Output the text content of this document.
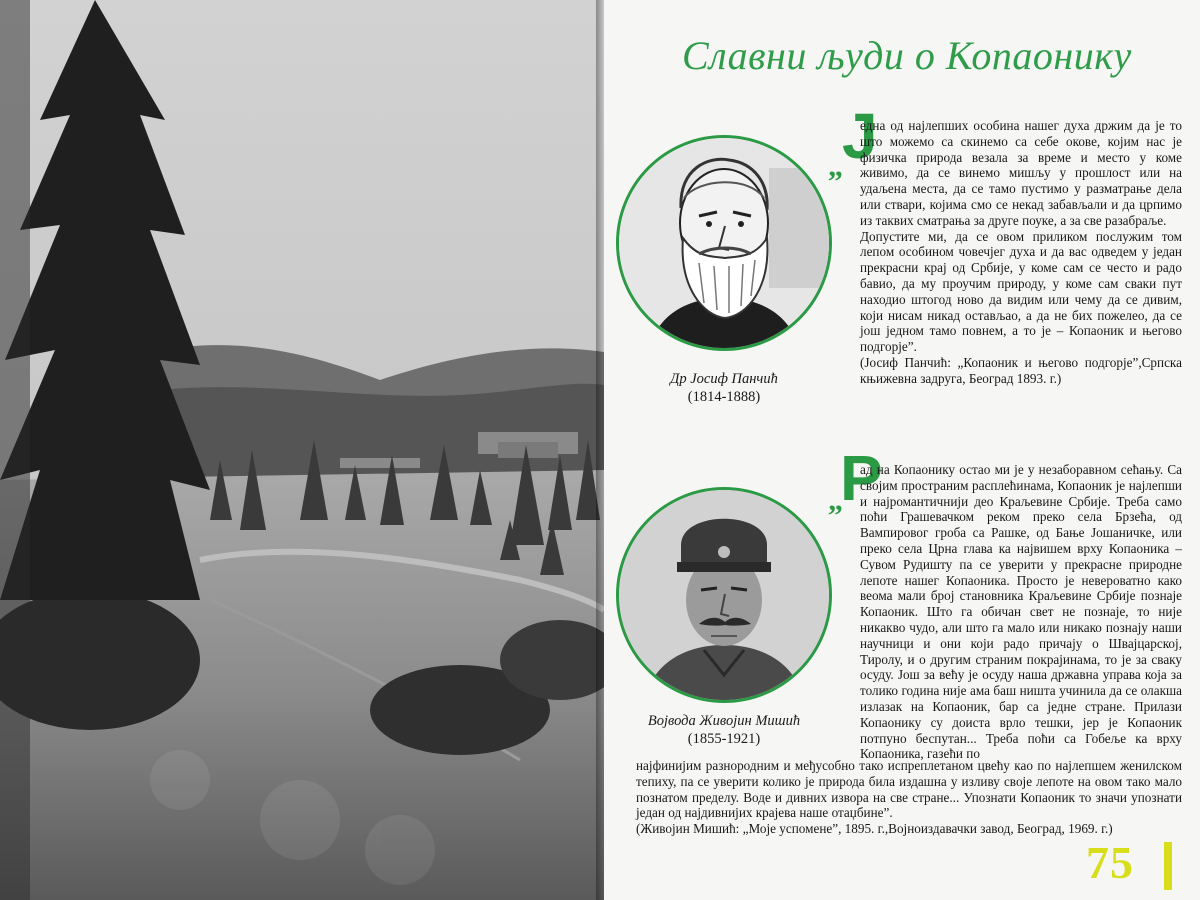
Славни људи о Копаонику
Др Јосиф Панчић
(1814-1888)
„ Ј

една од најлепших особина нашег духа држим да је то што можемо са скинемо са себе окове, којим нас је физичка природа везала за време и место у коме живимо, да се винемо мишљу у прошлост или на удаљена места, да се тамо пустимо у разматрање дела или ствари, којима смо се некад забављали и да црпимо из таквих сматрања за друге поуке, а за све разабраље.
Допустите ми, да се овом приликом послужим том лепом особином човечјег духа и да вас одведем у један прекрасни крај од Србије, у коме сам се често и радо бавио, да му проучим природу, у коме сам сваки пут находио штогод ново да видим или чему да се дивим, који нисам никад остављао, а да не бих пожелео, да се још једном тамо повнем, а то је – Копаоник и његово подгорје”.
(Јосиф Панчић: „Копаоник и његово подгорје”,Српска књижевна задруга, Београд 1893. г.)

Војвода Живојин Мишић
(1855-1921)
„
Р

ад на Копаонику остао ми је у незаборавном сећању. Са својим пространим расплећинама, Копаоник је најлепши и најромантичнији део Краљевине Србије. Треба само поћи Грашевачком реком преко села Брзећа, од Вампировог гроба са Рашке, од Бање Јошаничке, или преко села Црна глава ка највишем врху Копаоника – Сувом Рудишту па се уверити у прекрасне природне лепоте нашег Копаоника. Просто је невероватно како веома мали број становника Краљевине Србије познаје Копаоник. Што га обичан свет не познаје, то није никакво чудо, али што га мало или никако познају наши научници и они који радо причају о Швајцарској, Тиролу, и о другим страним покрајинама, то је за сваку осуду. Још за већу је осуду наша државна управа која за толико година није ама баш ништа учинила да се олакша излазак на Копаоник, бар са једне стране. Прилази Копаонику су доиста врло тешки, јер је Копаоник потпуно беспутан... Треба поћи са Гобеље ка врху Копаоника, газећи по

најфинијим разнородним и међусобно тако испреплетаном цвећу као по најлепшем женилском тепиху, па се уверити колико је природа била издашна у изливу своје лепоте на овом тако мало познатом пределу. Воде и дивних извора на све стране... Упознати Копаоник то значи упознати један од најдивнијих крајева наше отаџбине”.
(Живојин Мишић: „Моје успомене”, 1895. г.,Војноиздавачки завод, Београд, 1969. г.)

75
